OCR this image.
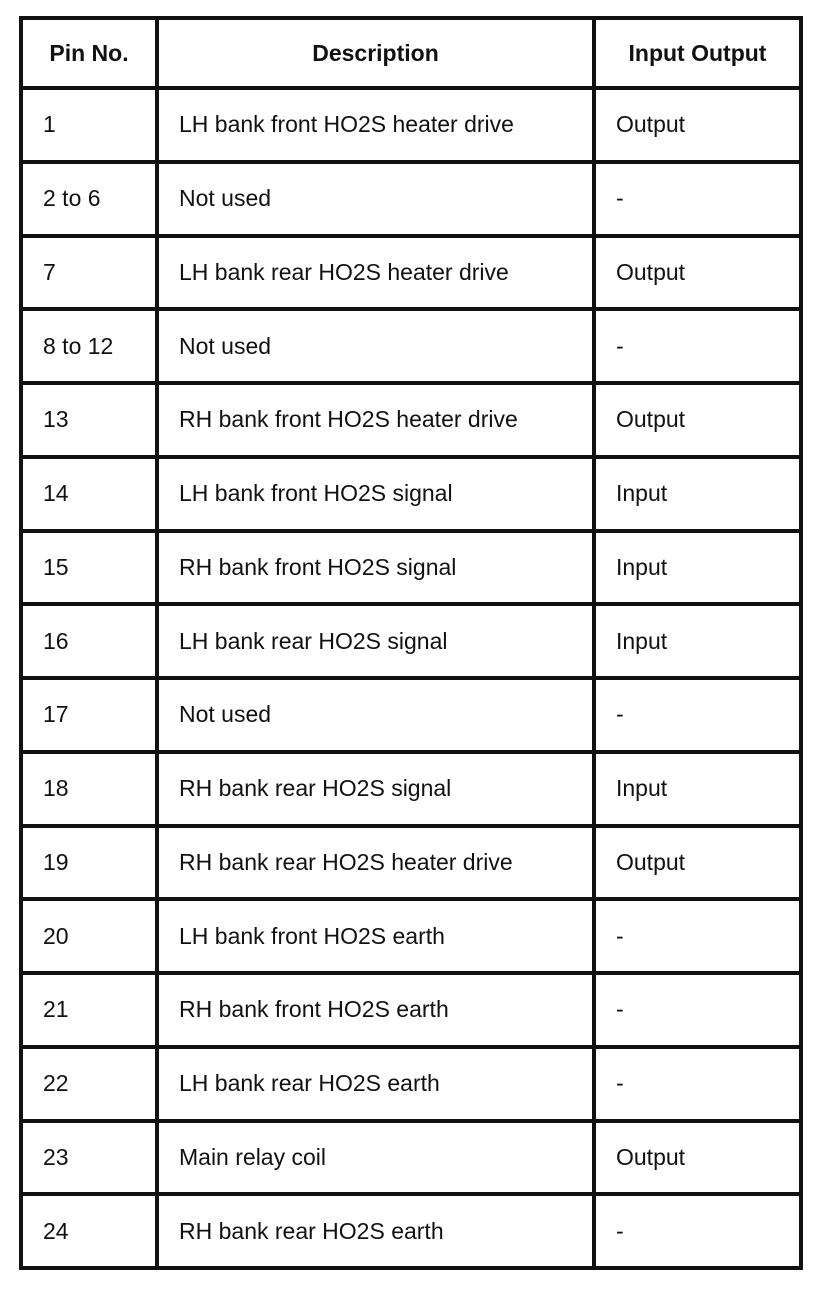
Pin No.	Description	Input Output
1	LH bank front HO2S heater drive	Output
2 to 6	Not used	-
7	LH bank rear HO2S heater drive	Output
8 to 12	Not used	-
13	RH bank front HO2S heater drive	Output
14	LH bank front HO2S signal	Input
15	RH bank front HO2S signal	Input
16	LH bank rear HO2S signal	Input
17	Not used	-
18	RH bank rear HO2S signal	Input
19	RH bank rear HO2S heater drive	Output
20	LH bank front HO2S earth	-
21	RH bank front HO2S earth	-
22	LH bank rear HO2S earth	-
23	Main relay coil	Output
24	RH bank rear HO2S earth	-
